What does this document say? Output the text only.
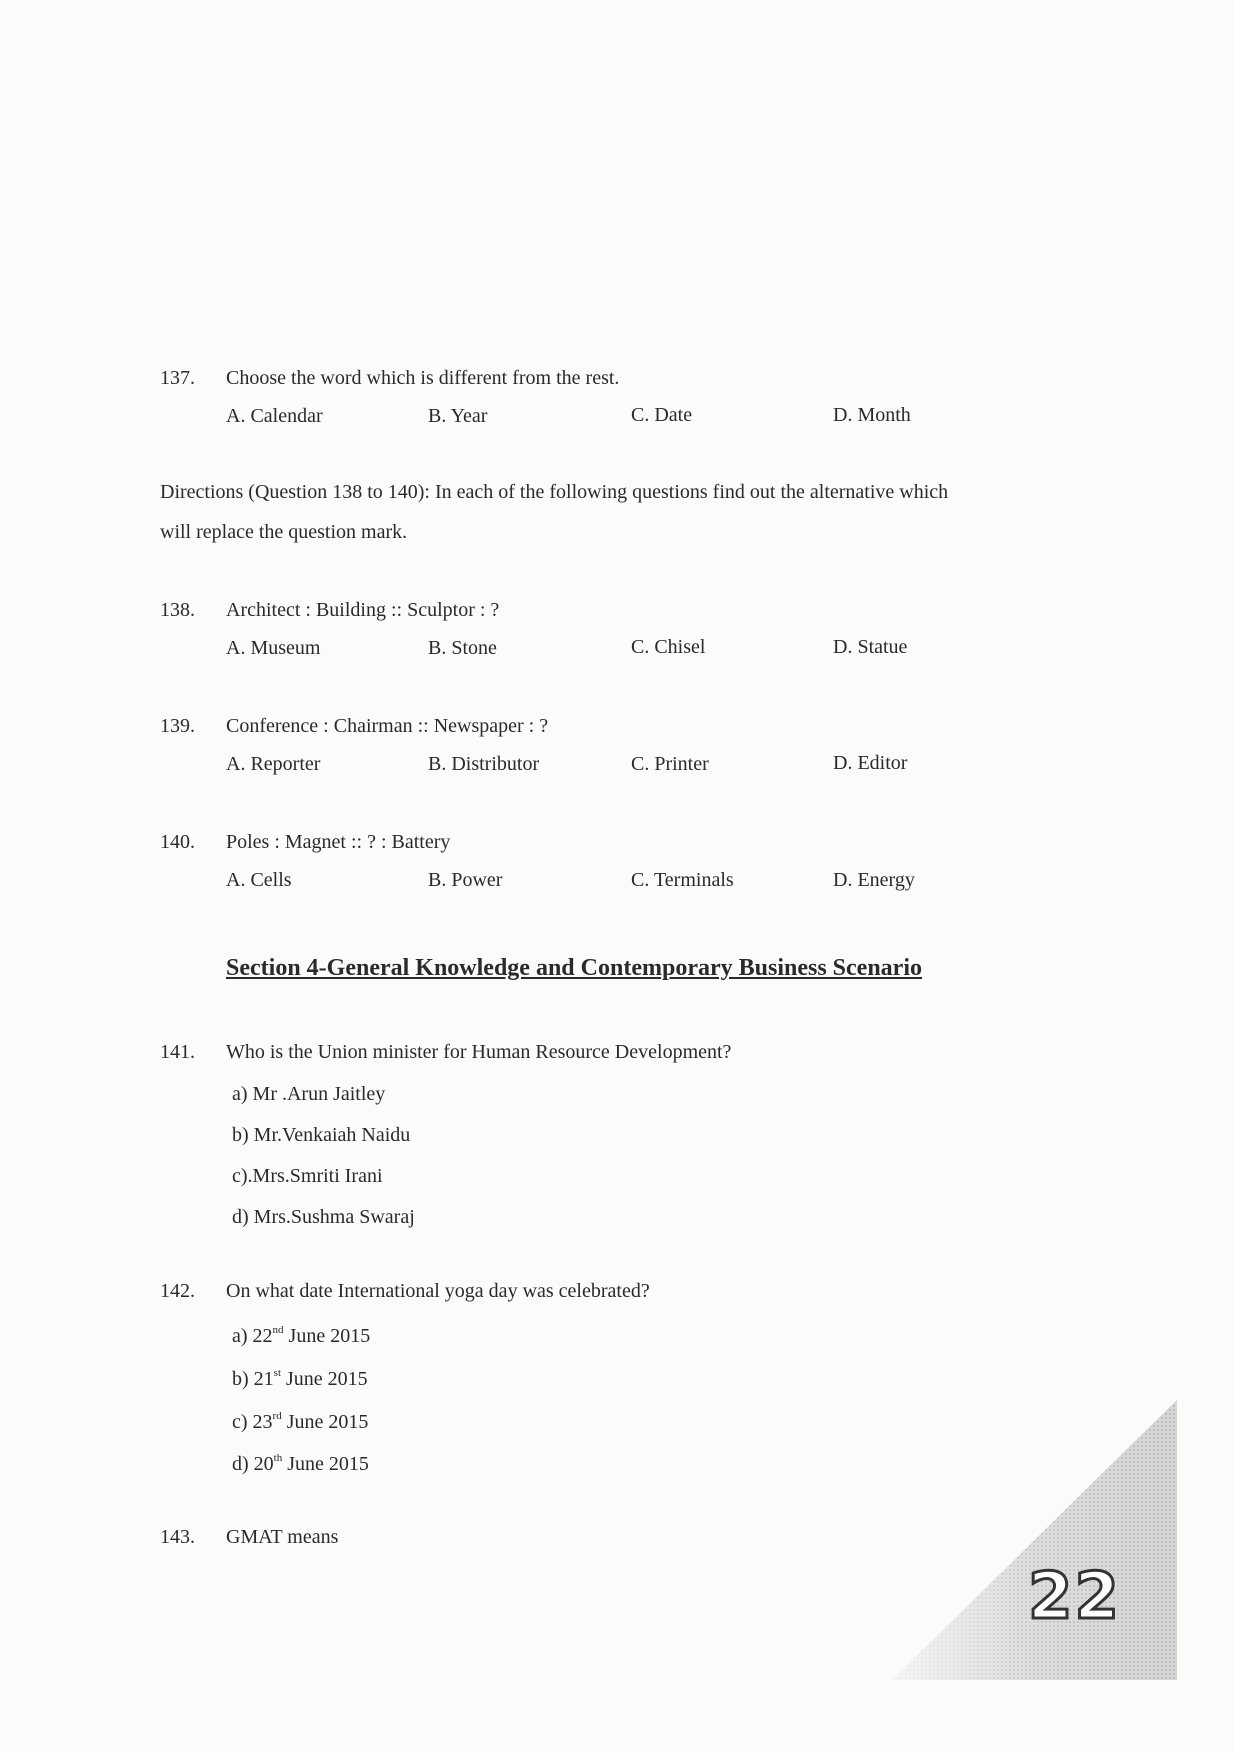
137.	Choose the word which is different from the rest.
A. Calendar	B. Year	C. Date	D. Month
Directions (Question 138 to 140): In each of the following questions find out the alternative which
will replace the question mark.
138.	Architect : Building :: Sculptor : ?
A. Museum	B. Stone	C. Chisel	D. Statue
139.	Conference : Chairman :: Newspaper : ?
A. Reporter	B. Distributor	C. Printer	D. Editor
140.	Poles : Magnet :: ? : Battery
A. Cells	B. Power	C. Terminals	D. Energy
Section 4-General Knowledge and Contemporary Business Scenario
141.	Who is the Union minister for Human Resource Development?
a) Mr .Arun Jaitley
b) Mr.Venkaiah Naidu
c).Mrs.Smriti Irani
d) Mrs.Sushma Swaraj
142.	On what date International yoga day was celebrated?
a) 22nd June 2015
b) 21st June 2015
c) 23rd June 2015
d) 20th June 2015
143.	GMAT means
22
